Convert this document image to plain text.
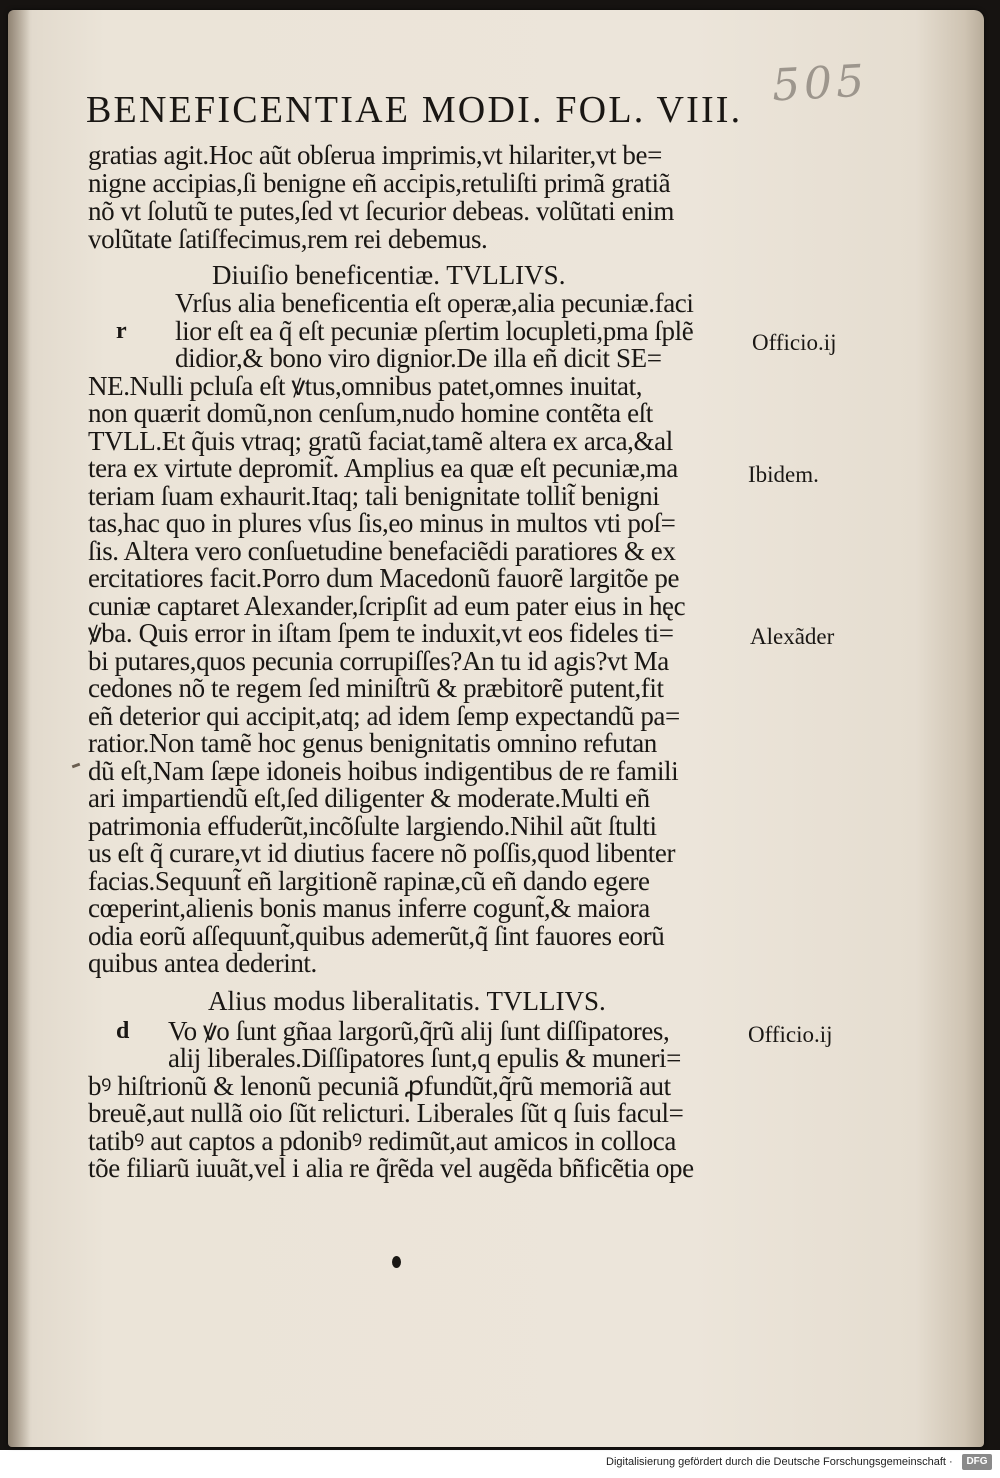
505
BENEFICENTIAE MODI. FOL. VIII.
gratias agit.Hoc aũt obſerua imprimis,vt hilariter,vt be=
nigne accipias,ſi benigne eñ accipis,retuliſti primã gratiã
nõ vt ſolutũ te putes,ſed vt ſecurior debeas. volũtati enim
volũtate ſatiſfecimus,rem rei debemus.
Diuiſio beneficentiæ. TVLLIVS.
r
Vrſus alia beneficentia eſt operæ,alia pecuniæ.faci
lior eſt ea q̃ eſt pecuniæ pſertim locupleti,pma ſplẽ
didior,& bono viro dignior.De illa eñ dicit SE=
NE.Nulli pcluſa eſt ꝟtus,omnibus patet,omnes inuitat,
non quærit domũ,non cenſum,nudo homine contẽta eſt
TVLL.Et q̃uis vtraq; gratũ faciat,tamẽ altera ex arca,&al
tera ex virtute depromit̃. Amplius ea quæ eſt pecuniæ,ma
teriam ſuam exhaurit.Itaq; tali benignitate tollit̃ benigni
tas,hac quo in plures vſus ſis,eo minus in multos vti poſ=
ſis. Altera vero conſuetudine benefaciẽdi paratiores & ex
ercitatiores facit.Porro dum Macedonũ fauorẽ largitõe pe
cuniæ captaret Alexander,ſcripſit ad eum pater eius in hęc
ꝟba. Quis error in iſtam ſpem te induxit,vt eos fideles ti=
bi putares,quos pecunia corrupiſſes?An tu id agis?vt Ma
cedones nõ te regem ſed miniſtrũ & præbitorẽ putent,fit
eñ deterior qui accipit,atq; ad idem ſemp expectandũ pa=
ratior.Non tamẽ hoc genus benignitatis omnino refutan
dũ eſt,Nam ſæpe idoneis hoibus indigentibus de re famili
ari impartiendũ eſt,ſed diligenter & moderate.Multi eñ
patrimonia effuderũt,incõſulte largiendo.Nihil aũt ſtulti
us eſt q̃ curare,vt id diutius facere nõ poſſis,quod libenter
facias.Sequunt̃ eñ largitionẽ rapinæ,cũ eñ dando egere
cœperint,alienis bonis manus inferre cogunt̃,& maiora
odia eorũ aſſequunt̃,quibus ademerũt,q̃ ſint fauores eorũ
quibus antea dederint.
Alius modus liberalitatis. TVLLIVS.
d Vo ꝟo ſunt gñaa largorũ,q̃rũ alij ſunt diſſipatores,
alij liberales.Diſſipatores ſunt,q epulis & muneri=
bꝰ hiſtrionũ & lenonũ pecuniã ꝓfundũt,q̃rũ memoriã aut
breuẽ,aut nullã oio ſũt relicturi. Liberales ſũt q ſuis facul=
tatibꝰ aut captos a pdonibꝰ redimũt,aut amicos in colloca
tõe filiarũ iuuãt,vel i alia re q̃rẽda vel augẽda bñficẽtia ope
Officio.ij
Ibidem.
Alexãder
Officio.ij
Digitalisierung gefördert durch die Deutsche Forschungsgemeinschaft ·	DFG
